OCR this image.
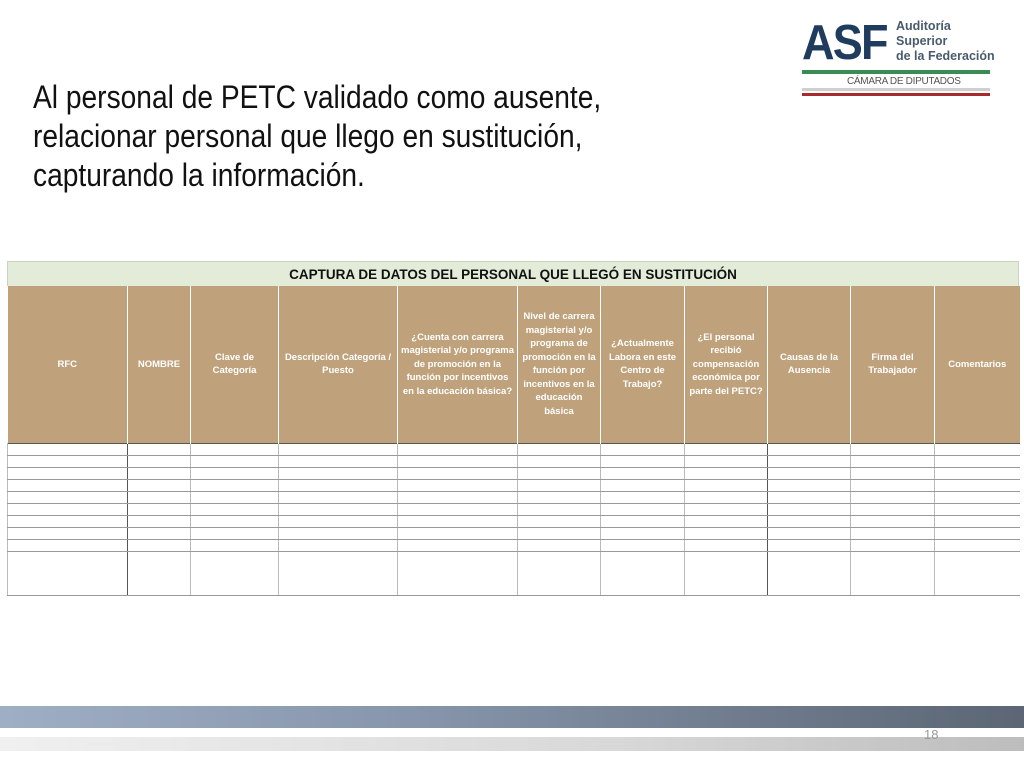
Al personal de PETC validado como ausente,
relacionar personal que llego en sustitución,
capturando la información.
ASF Auditoría
Superior
de la Federación
CÁMARA DE DIPUTADOS
CAPTURA DE DATOS DEL PERSONAL QUE LLEGÓ EN SUSTITUCIÓN
RFC	NOMBRE	Clave de Categoría	Descripción Categoría / Puesto	¿Cuenta con carrera magisterial y/o programa de promoción en la función por incentivos en la educación básica?	Nivel de carrera magisterial y/o programa de promoción en la función por incentivos en la educación básica	¿Actualmente Labora en este Centro de Trabajo?	¿El personal recibió compensación económica por parte del PETC?	Causas de la Ausencia	Firma del Trabajador	Comentarios

18
